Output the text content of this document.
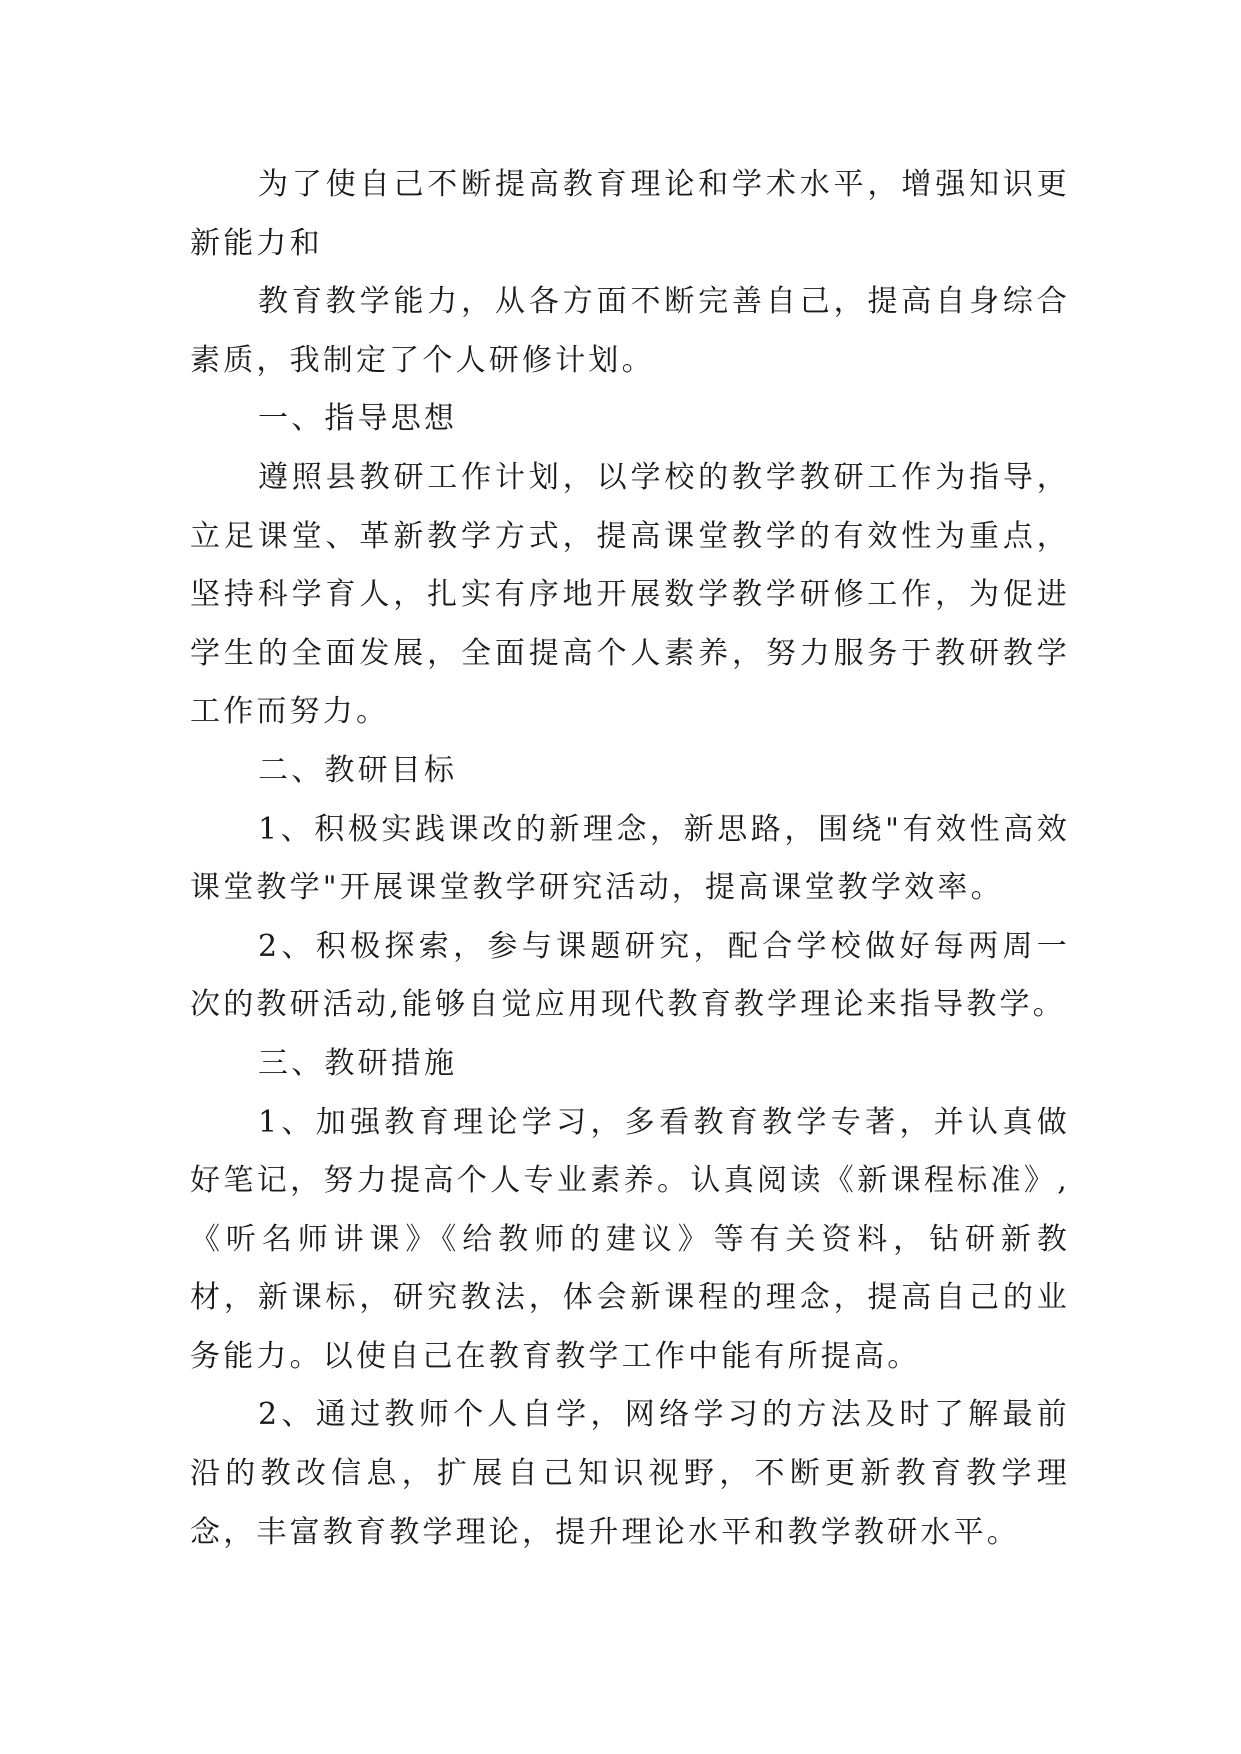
为了使自己不断提高教育理论和学术水平，增强知识更新能力和

教育教学能力，从各方面不断完善自己，提高自身综合素质，我制定了个人研修计划。

一、指导思想

遵照县教研工作计划，以学校的教学教研工作为指导，立足课堂、革新教学方式，提高课堂教学的有效性为重点，坚持科学育人，扎实有序地开展数学教学研修工作，为促进学生的全面发展，全面提高个人素养，努力服务于教研教学工作而努力。

二、教研目标

1、积极实践课改的新理念，新思路，围绕"有效性高效课堂教学"开展课堂教学研究活动，提高课堂教学效率。

2、积极探索，参与课题研究，配合学校做好每两周一次的教研活动,能够自觉应用现代教育教学理论来指导教学。

三、教研措施

1、加强教育理论学习，多看教育教学专著，并认真做好笔记，努力提高个人专业素养。认真阅读《新课程标准》,《听名师讲课》《给教师的建议》等有关资料，钻研新教材，新课标，研究教法，体会新课程的理念，提高自己的业务能力。以使自己在教育教学工作中能有所提高。

2、通过教师个人自学，网络学习的方法及时了解最前沿的教改信息，扩展自己知识视野，不断更新教育教学理念，丰富教育教学理论，提升理论水平和教学教研水平。
